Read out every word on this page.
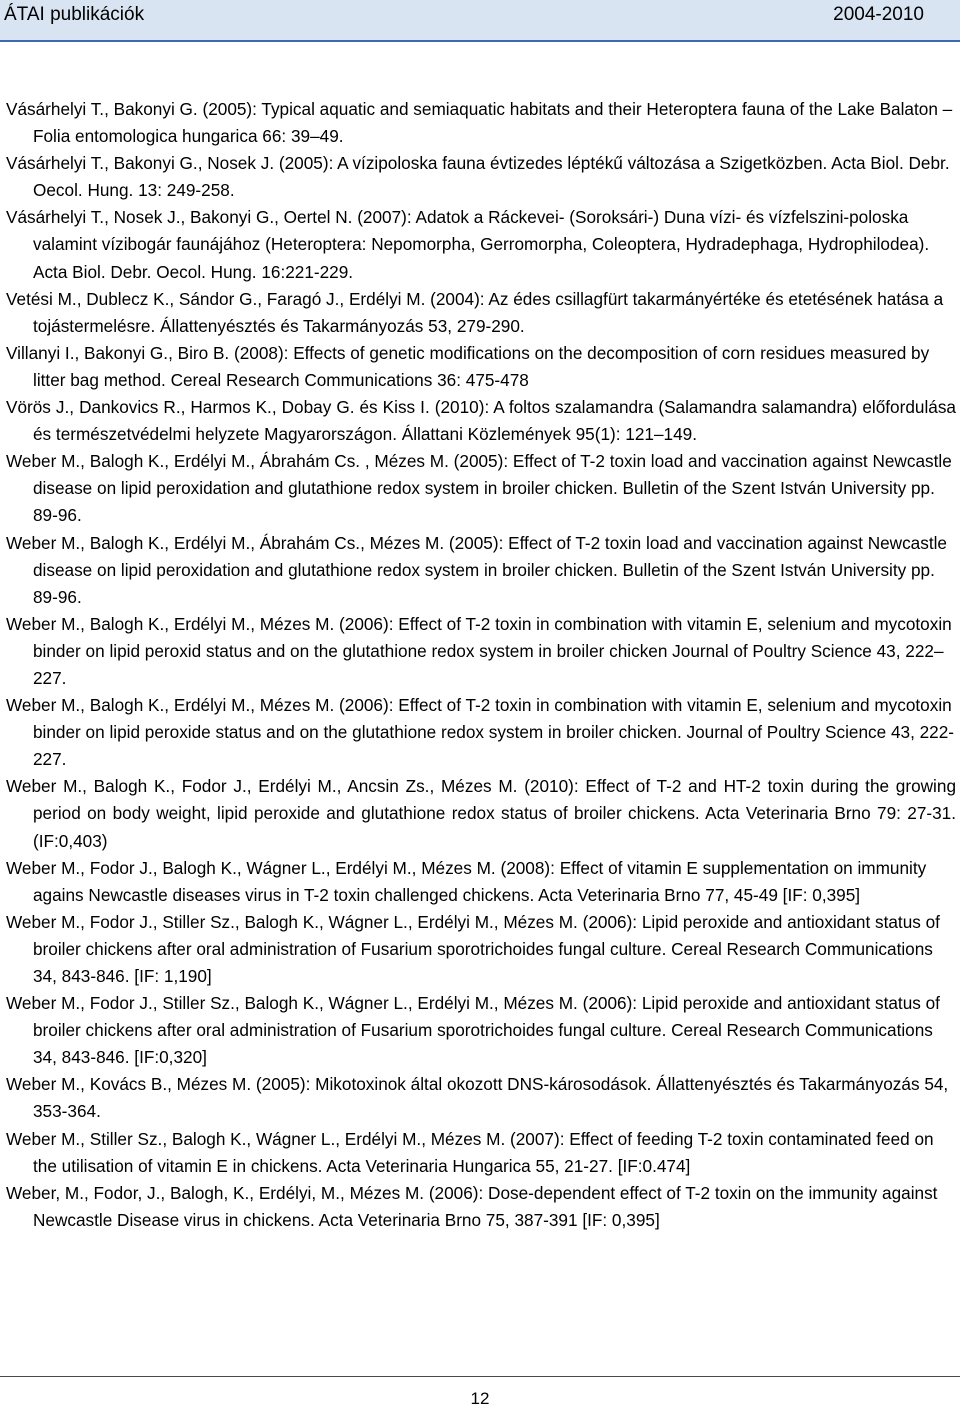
ÁTAI publikációk	2004-2010

Vásárhelyi T., Bakonyi G. (2005): Typical aquatic and semiaquatic habitats and their Heteroptera fauna of the Lake Balaton – Folia entomologica hungarica 66: 39–49.

Vásárhelyi T., Bakonyi G., Nosek J. (2005): A vízipoloska fauna évtizedes léptékű változása a Szigetközben. Acta Biol. Debr. Oecol. Hung. 13: 249-258.

Vásárhelyi T., Nosek J., Bakonyi G., Oertel N. (2007): Adatok a Ráckevei- (Soroksári-) Duna vízi- és vízfelszini-poloska valamint vízibogár faunájához (Heteroptera: Nepomorpha, Gerromorpha, Coleoptera, Hydradephaga, Hydrophilodea). Acta Biol. Debr. Oecol. Hung. 16:221-229.

Vetési M., Dublecz K., Sándor G., Faragó J., Erdélyi M. (2004): Az édes csillagfürt takarmányértéke és etetésének hatása a tojástermelésre. Állattenyésztés és Takarmányozás 53, 279-290.

Villanyi I., Bakonyi G., Biro B. (2008): Effects of genetic modifications on the decomposition of corn residues measured by litter bag method. Cereal Research Communications 36: 475-478

Vörös J., Dankovics R., Harmos K., Dobay G. és Kiss I. (2010): A foltos szalamandra (Salamandra salamandra) előfordulása és természetvédelmi helyzete Magyarországon. Állattani Közlemények 95(1): 121–149.

Weber M., Balogh K., Erdélyi M., Ábrahám Cs. , Mézes M. (2005): Effect of T-2 toxin load and vaccination against Newcastle disease on lipid peroxidation and glutathione redox system in broiler chicken. Bulletin of the Szent István University pp. 89-96.

Weber M., Balogh K., Erdélyi M., Ábrahám Cs., Mézes M. (2005): Effect of T-2 toxin load and vaccination against Newcastle disease on lipid peroxidation and glutathione redox system in broiler chicken. Bulletin of the Szent István University pp. 89-96.

Weber M., Balogh K., Erdélyi M., Mézes M. (2006): Effect of T-2 toxin in combination with vitamin E, selenium and mycotoxin binder on lipid peroxid status and on the glutathione redox system in broiler chicken Journal of Poultry Science 43, 222–227.

Weber M., Balogh K., Erdélyi M., Mézes M. (2006): Effect of T-2 toxin in combination with vitamin E, selenium and mycotoxin binder on lipid peroxide status and on the glutathione redox system in broiler chicken. Journal of Poultry Science 43, 222-227.

Weber M., Balogh K., Fodor J., Erdélyi M., Ancsin Zs., Mézes M. (2010): Effect of T-2 and HT-2 toxin during the growing period on body weight, lipid peroxide and glutathione redox status of broiler chickens. Acta Veterinaria Brno 79: 27-31. (IF:0,403)

Weber M., Fodor J., Balogh K., Wágner L., Erdélyi M., Mézes M. (2008): Effect of vitamin E supplementation on immunity agains Newcastle diseases virus in T-2 toxin challenged chickens. Acta Veterinaria Brno 77, 45-49 [IF: 0,395]

Weber M., Fodor J., Stiller Sz., Balogh K., Wágner L., Erdélyi M., Mézes M. (2006): Lipid peroxide and antioxidant status of broiler chickens after oral administration of Fusarium sporotrichoides fungal culture. Cereal Research Communications 34, 843-846. [IF: 1,190]

Weber M., Fodor J., Stiller Sz., Balogh K., Wágner L., Erdélyi M., Mézes M. (2006): Lipid peroxide and antioxidant status of broiler chickens after oral administration of Fusarium sporotrichoides fungal culture. Cereal Research Communications 34, 843-846. [IF:0,320]

Weber M., Kovács B., Mézes M. (2005): Mikotoxinok által okozott DNS-károsodások. Állattenyésztés és Takarmányozás 54, 353-364.

Weber M., Stiller Sz., Balogh K., Wágner L., Erdélyi M., Mézes M. (2007): Effect of feeding T-2 toxin contaminated feed on the utilisation of vitamin E in chickens. Acta Veterinaria Hungarica 55, 21-27. [IF:0.474]

Weber, M., Fodor, J., Balogh, K., Erdélyi, M., Mézes M. (2006): Dose-dependent effect of T-2 toxin on the immunity against Newcastle Disease virus in chickens. Acta Veterinaria Brno 75, 387-391 [IF: 0,395]

12
